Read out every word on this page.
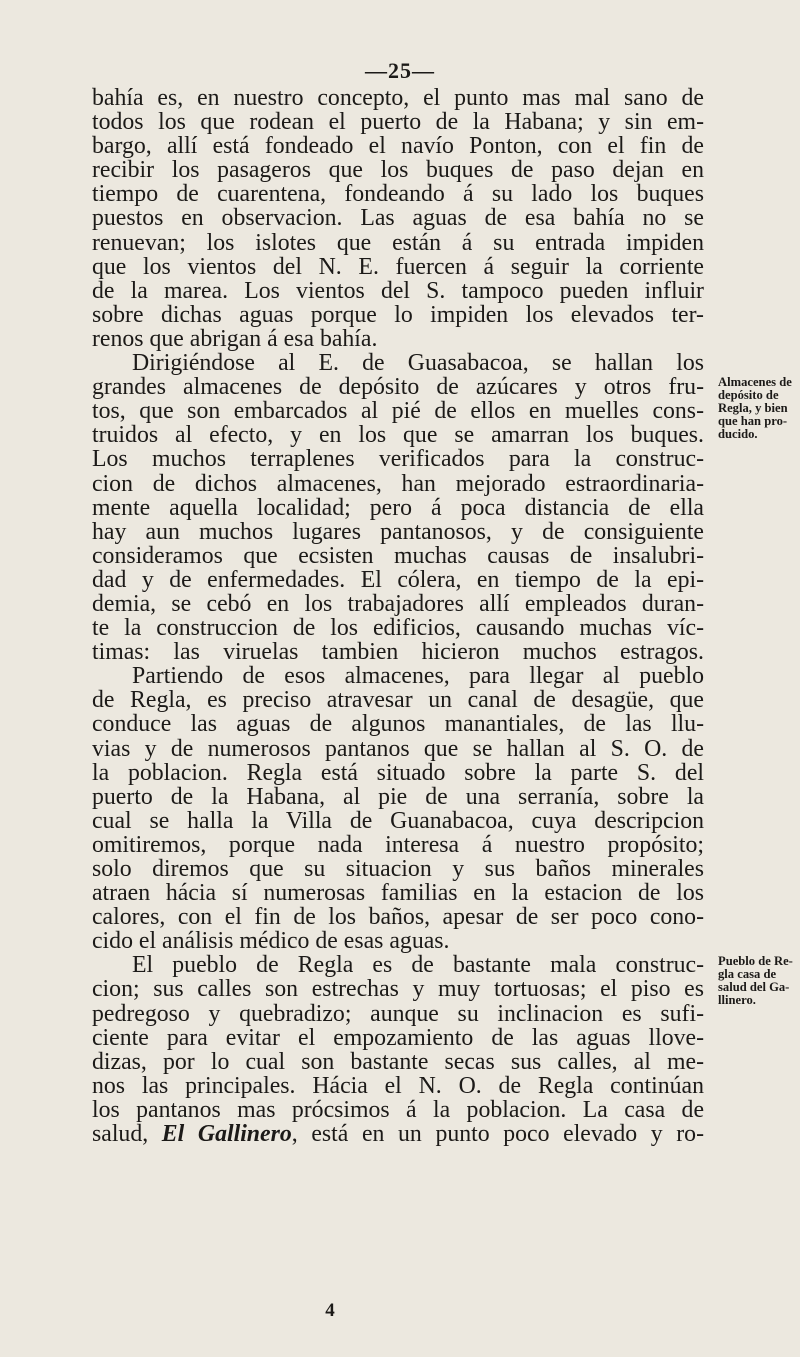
—25—
bahía es, en nuestro concepto, el punto mas mal sano de
todos los que rodean el puerto de la Habana; y sin em-
bargo, allí está fondeado el navío Ponton, con el fin de
recibir los pasageros que los buques de paso dejan en
tiempo de cuarentena, fondeando á su lado los buques
puestos en observacion. Las aguas de esa bahía no se
renuevan; los islotes que están á su entrada impiden
que los vientos del N. E. fuercen á seguir la corriente
de la marea. Los vientos del S. tampoco pueden influir
sobre dichas aguas porque lo impiden los elevados ter-
renos que abrigan á esa bahía.
Dirigiéndose al E. de Guasabacoa, se hallan los
grandes almacenes de depósito de azúcares y otros fru-
tos, que son embarcados al pié de ellos en muelles cons-
truidos al efecto, y en los que se amarran los buques.
Los muchos terraplenes verificados para la construc-
cion de dichos almacenes, han mejorado estraordinaria-
mente aquella localidad; pero á poca distancia de ella
hay aun muchos lugares pantanosos, y de consiguiente
consideramos que ecsisten muchas causas de insalubri-
dad y de enfermedades. El cólera, en tiempo de la epi-
demia, se cebó en los trabajadores allí empleados duran-
te la construccion de los edificios, causando muchas víc-
timas: las viruelas tambien hicieron muchos estragos.
Partiendo de esos almacenes, para llegar al pueblo
de Regla, es preciso atravesar un canal de desagüe, que
conduce las aguas de algunos manantiales, de las llu-
vias y de numerosos pantanos que se hallan al S. O. de
la poblacion. Regla está situado sobre la parte S. del
puerto de la Habana, al pie de una serranía, sobre la
cual se halla la Villa de Guanabacoa, cuya descripcion
omitiremos, porque nada interesa á nuestro propósito;
solo diremos que su situacion y sus baños minerales
atraen hácia sí numerosas familias en la estacion de los
calores, con el fin de los baños, apesar de ser poco cono-
cido el análisis médico de esas aguas.
El pueblo de Regla es de bastante mala construc-
cion; sus calles son estrechas y muy tortuosas; el piso es
pedregoso y quebradizo; aunque su inclinacion es sufi-
ciente para evitar el empozamiento de las aguas llove-
dizas, por lo cual son bastante secas sus calles, al me-
nos las principales. Hácia el N. O. de Regla continúan
los pantanos mas prócsimos á la poblacion. La casa de
salud, El Gallinero, está en un punto poco elevado y ro-
Almacenes de
depósito de
Regla, y bien
que han pro-
ducido.
Pueblo de Re-
gla casa de
salud del Ga-
llinero.
4
